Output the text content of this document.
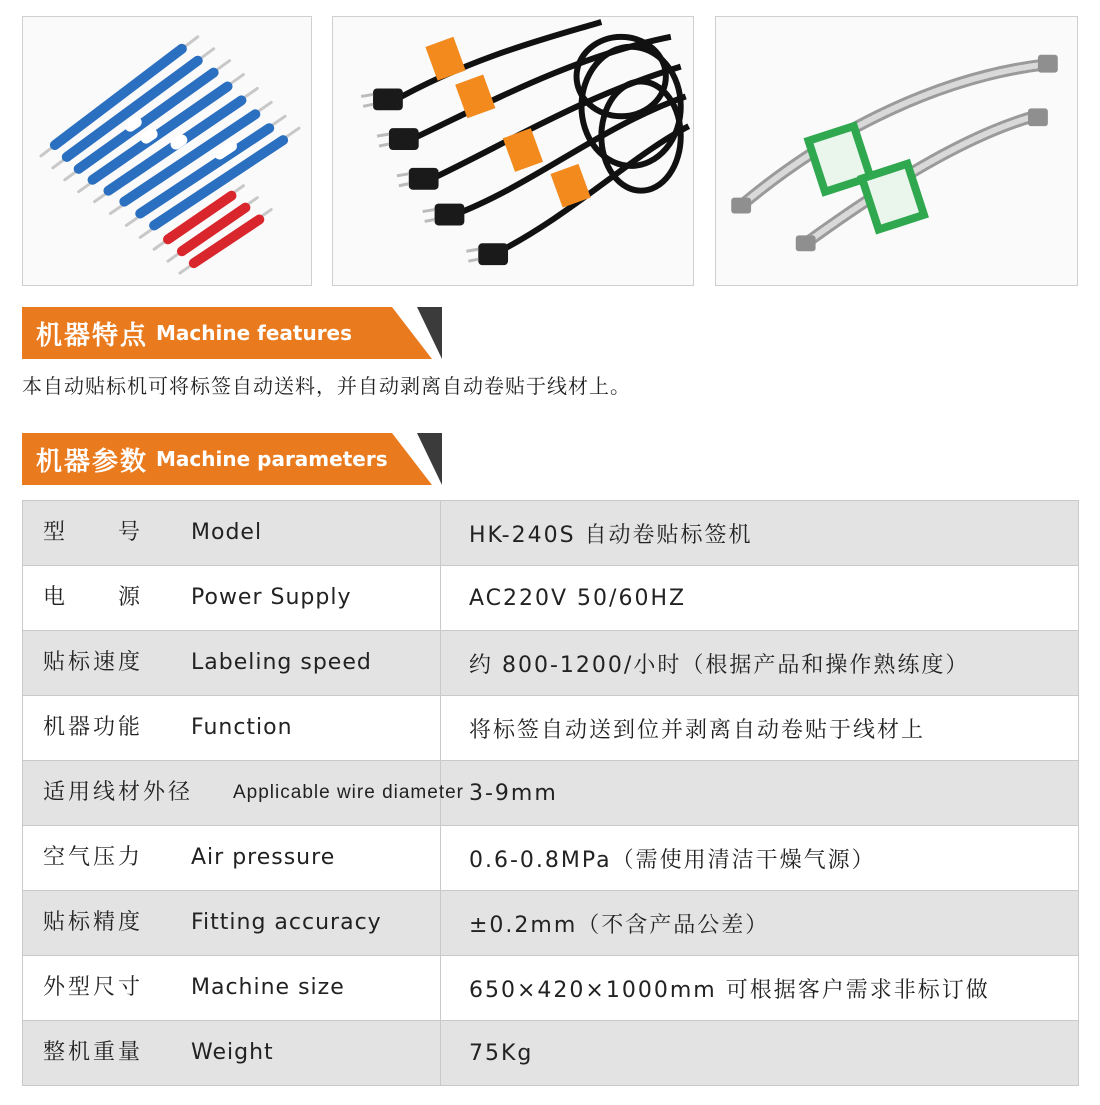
机器特点 Machine features
本自动贴标机可将标签自动送料，并自动剥离自动卷贴于线材上。
机器参数 Machine parameters
型　　号 Model	HK-240S 自动卷贴标签机

电　　源 Power Supply	AC220V 50/60HZ

贴标速度 Labeling speed	约 800-1200/小时（根据产品和操作熟练度）

机器功能 Function	将标签自动送到位并剥离自动卷贴于线材上

适用线材外径 Applicable wire diameter	3-9mm

空气压力 Air pressure	0.6-0.8MPa（需使用清洁干燥气源）

贴标精度 Fitting accuracy	±0.2mm（不含产品公差）

外型尺寸 Machine size	650×420×1000mm 可根据客户需求非标订做

整机重量 Weight	75Kg
